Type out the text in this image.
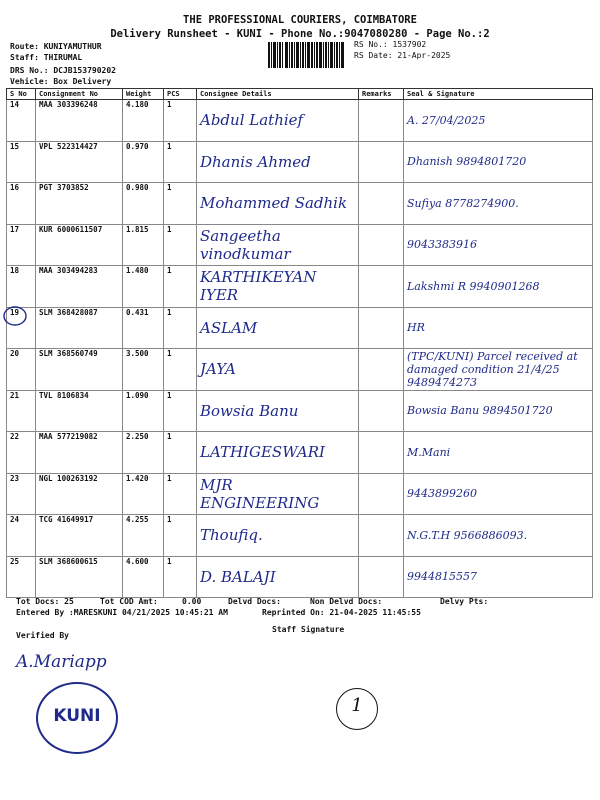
THE PROFESSIONAL COURIERS, COIMBATORE
Delivery Runsheet - KUNI - Phone No.:9047080280 - Page No.:2
Route: KUNIYAMUTHUR
Staff: THIRUMAL
DRS No.: DCJB153790202
Vehicle: Box Delivery
RS No.: 1537902
RS Date: 21-Apr-2025
S No	Consignment No	Weight	PCS	Consignee Details	Remarks	Seal & Signature
14	MAA 303396248	4.180	1	Abdul Lathief		A. 27/04/2025
15	VPL 522314427	0.970	1	Dhanis Ahmed		Dhanish 9894801720
16	PGT 3703852	0.980	1	Mohammed Sadhik		Sufiya 8778274900.
17	KUR 6000611507	1.815	1	Sangeetha vinodkumar		9043383916
18	MAA 303494283	1.480	1	KARTHIKEYAN IYER		Lakshmi R 9940901268
19	SLM 368428087	0.431	1	ASLAM		HR
20	SLM 368560749	3.500	1	JAYA		(TPC/KUNI) Parcel received at damaged condition 21/4/25 9489474273
21	TVL 8106834	1.090	1	Bowsia Banu		Bowsia Banu 9894501720
22	MAA 577219082	2.250	1	LATHIGESWARI		M.Mani
23	NGL 100263192	1.420	1	MJR ENGINEERING		9443899260
24	TCG 41649917	4.255	1	Thoufiq.		N.G.T.H 9566886093.
25	SLM 368600615	4.600	1	D. BALAJI		9944815557
Tot Docs: 25	Tot COD Amt:	0.00	Delvd Docs:	Non Delvd Docs:	Delvy Pts:
Entered By :MARESKUNI 04/21/2025 10:45:21 AM	Reprinted On: 21-04-2025 11:45:55
Staff Signature
Verified By
A.Mariapp
KUNI	1
